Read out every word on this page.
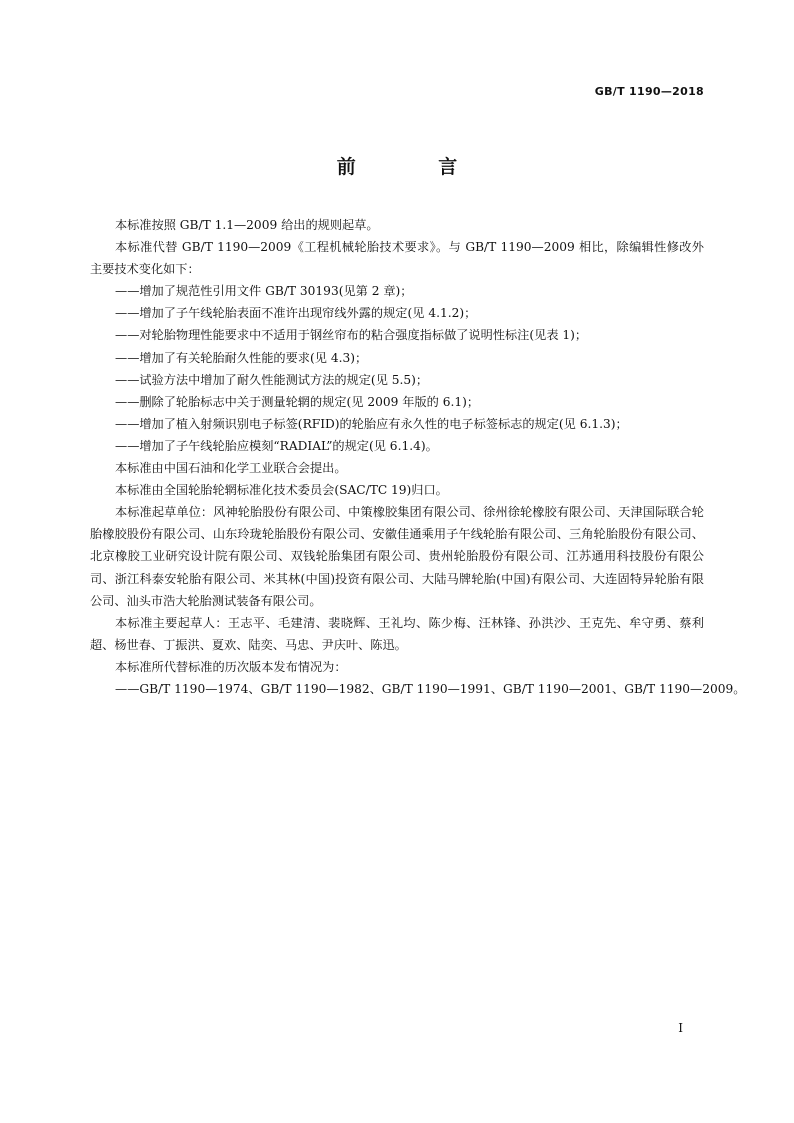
GB/T 1190—2018
前 言

本标准按照 GB/T 1.1—2009 给出的规则起草。

本标准代替 GB/T 1190—2009《工程机械轮胎技术要求》。与 GB/T 1190—2009 相比，除编辑性修改外主要技术变化如下：

——增加了规范性引用文件 GB/T 30193(见第 2 章)；

——增加了子午线轮胎表面不准许出现帘线外露的规定(见 4.1.2)；

——对轮胎物理性能要求中不适用于钢丝帘布的粘合强度指标做了说明性标注(见表 1)；

——增加了有关轮胎耐久性能的要求(见 4.3)；

——试验方法中增加了耐久性能测试方法的规定(见 5.5)；

——删除了轮胎标志中关于测量轮辋的规定(见 2009 年版的 6.1)；

——增加了植入射频识别电子标签(RFID)的轮胎应有永久性的电子标签标志的规定(见 6.1.3)；

——增加了子午线轮胎应模刻“RADIAL”的规定(见 6.1.4)。

本标准由中国石油和化学工业联合会提出。

本标准由全国轮胎轮辋标准化技术委员会(SAC/TC 19)归口。

本标准起草单位：风神轮胎股份有限公司、中策橡胶集团有限公司、徐州徐轮橡胶有限公司、天津国际联合轮胎橡胶股份有限公司、山东玲珑轮胎股份有限公司、安徽佳通乘用子午线轮胎有限公司、三角轮胎股份有限公司、北京橡胶工业研究设计院有限公司、双钱轮胎集团有限公司、贵州轮胎股份有限公司、江苏通用科技股份有限公司、浙江科泰安轮胎有限公司、米其林(中国)投资有限公司、大陆马牌轮胎(中国)有限公司、大连固特异轮胎有限公司、汕头市浩大轮胎测试装备有限公司。

本标准主要起草人：王志平、毛建清、裴晓辉、王礼均、陈少梅、汪林锋、孙洪沙、王克先、牟守勇、蔡利超、杨世春、丁振洪、夏欢、陆奕、马忠、尹庆叶、陈迅。

本标准所代替标准的历次版本发布情况为：

——GB/T 1190—1974、GB/T 1190—1982、GB/T 1190—1991、GB/T 1190—2001、GB/T 1190—2009。

I
